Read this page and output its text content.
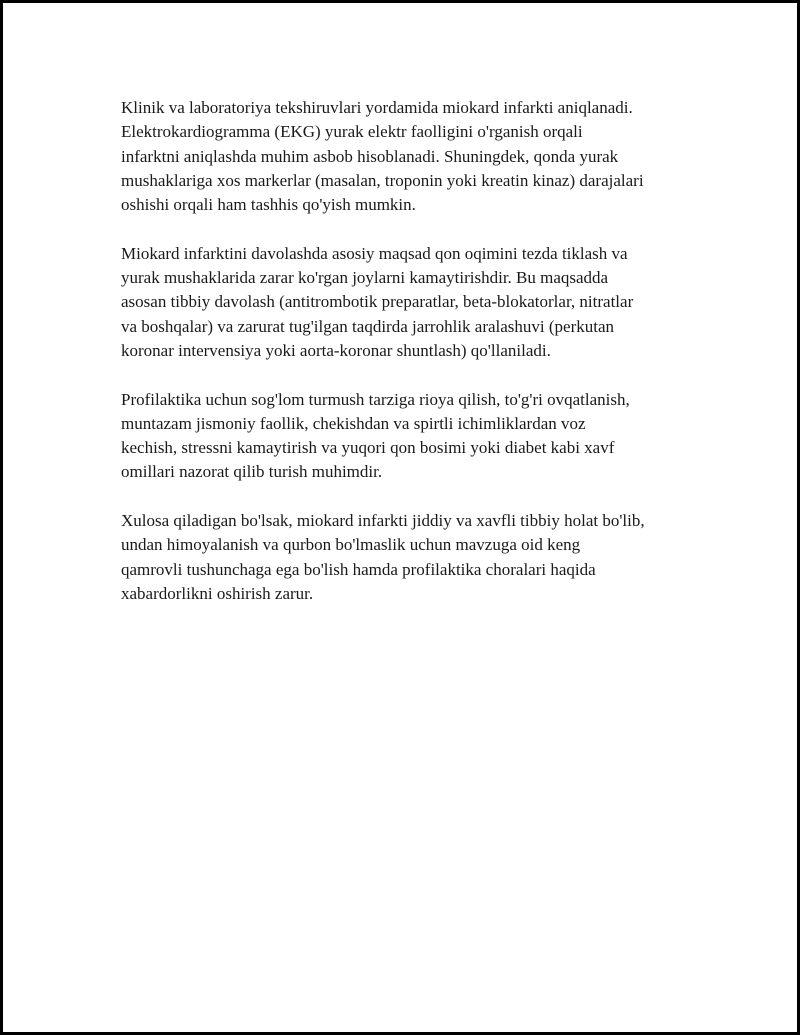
Klinik va laboratoriya tekshiruvlari yordamida miokard infarkti aniqlanadi.
Elektrokardiogramma (EKG) yurak elektr faolligini o'rganish orqali
infarktni aniqlashda muhim asbob hisoblanadi. Shuningdek, qonda yurak
mushaklariga xos markerlar (masalan, troponin yoki kreatin kinaz) darajalari
oshishi orqali ham tashhis qo'yish mumkin.

Miokard infarktini davolashda asosiy maqsad qon oqimini tezda tiklash va
yurak mushaklarida zarar ko'rgan joylarni kamaytirishdir. Bu maqsadda
asosan tibbiy davolash (antitrombotik preparatlar, beta-blokatorlar, nitratlar
va boshqalar) va zarurat tug'ilgan taqdirda jarrohlik aralashuvi (perkutan
koronar intervensiya yoki aorta-koronar shuntlash) qo'llaniladi.

Profilaktika uchun sog'lom turmush tarziga rioya qilish, to'g'ri ovqatlanish,
muntazam jismoniy faollik, chekishdan va spirtli ichimliklardan voz
kechish, stressni kamaytirish va yuqori qon bosimi yoki diabet kabi xavf
omillari nazorat qilib turish muhimdir.

Xulosa qiladigan bo'lsak, miokard infarkti jiddiy va xavfli tibbiy holat bo'lib,
undan himoyalanish va qurbon bo'lmaslik uchun mavzuga oid keng
qamrovli tushunchaga ega bo'lish hamda profilaktika choralari haqida
xabardorlikni oshirish zarur.
